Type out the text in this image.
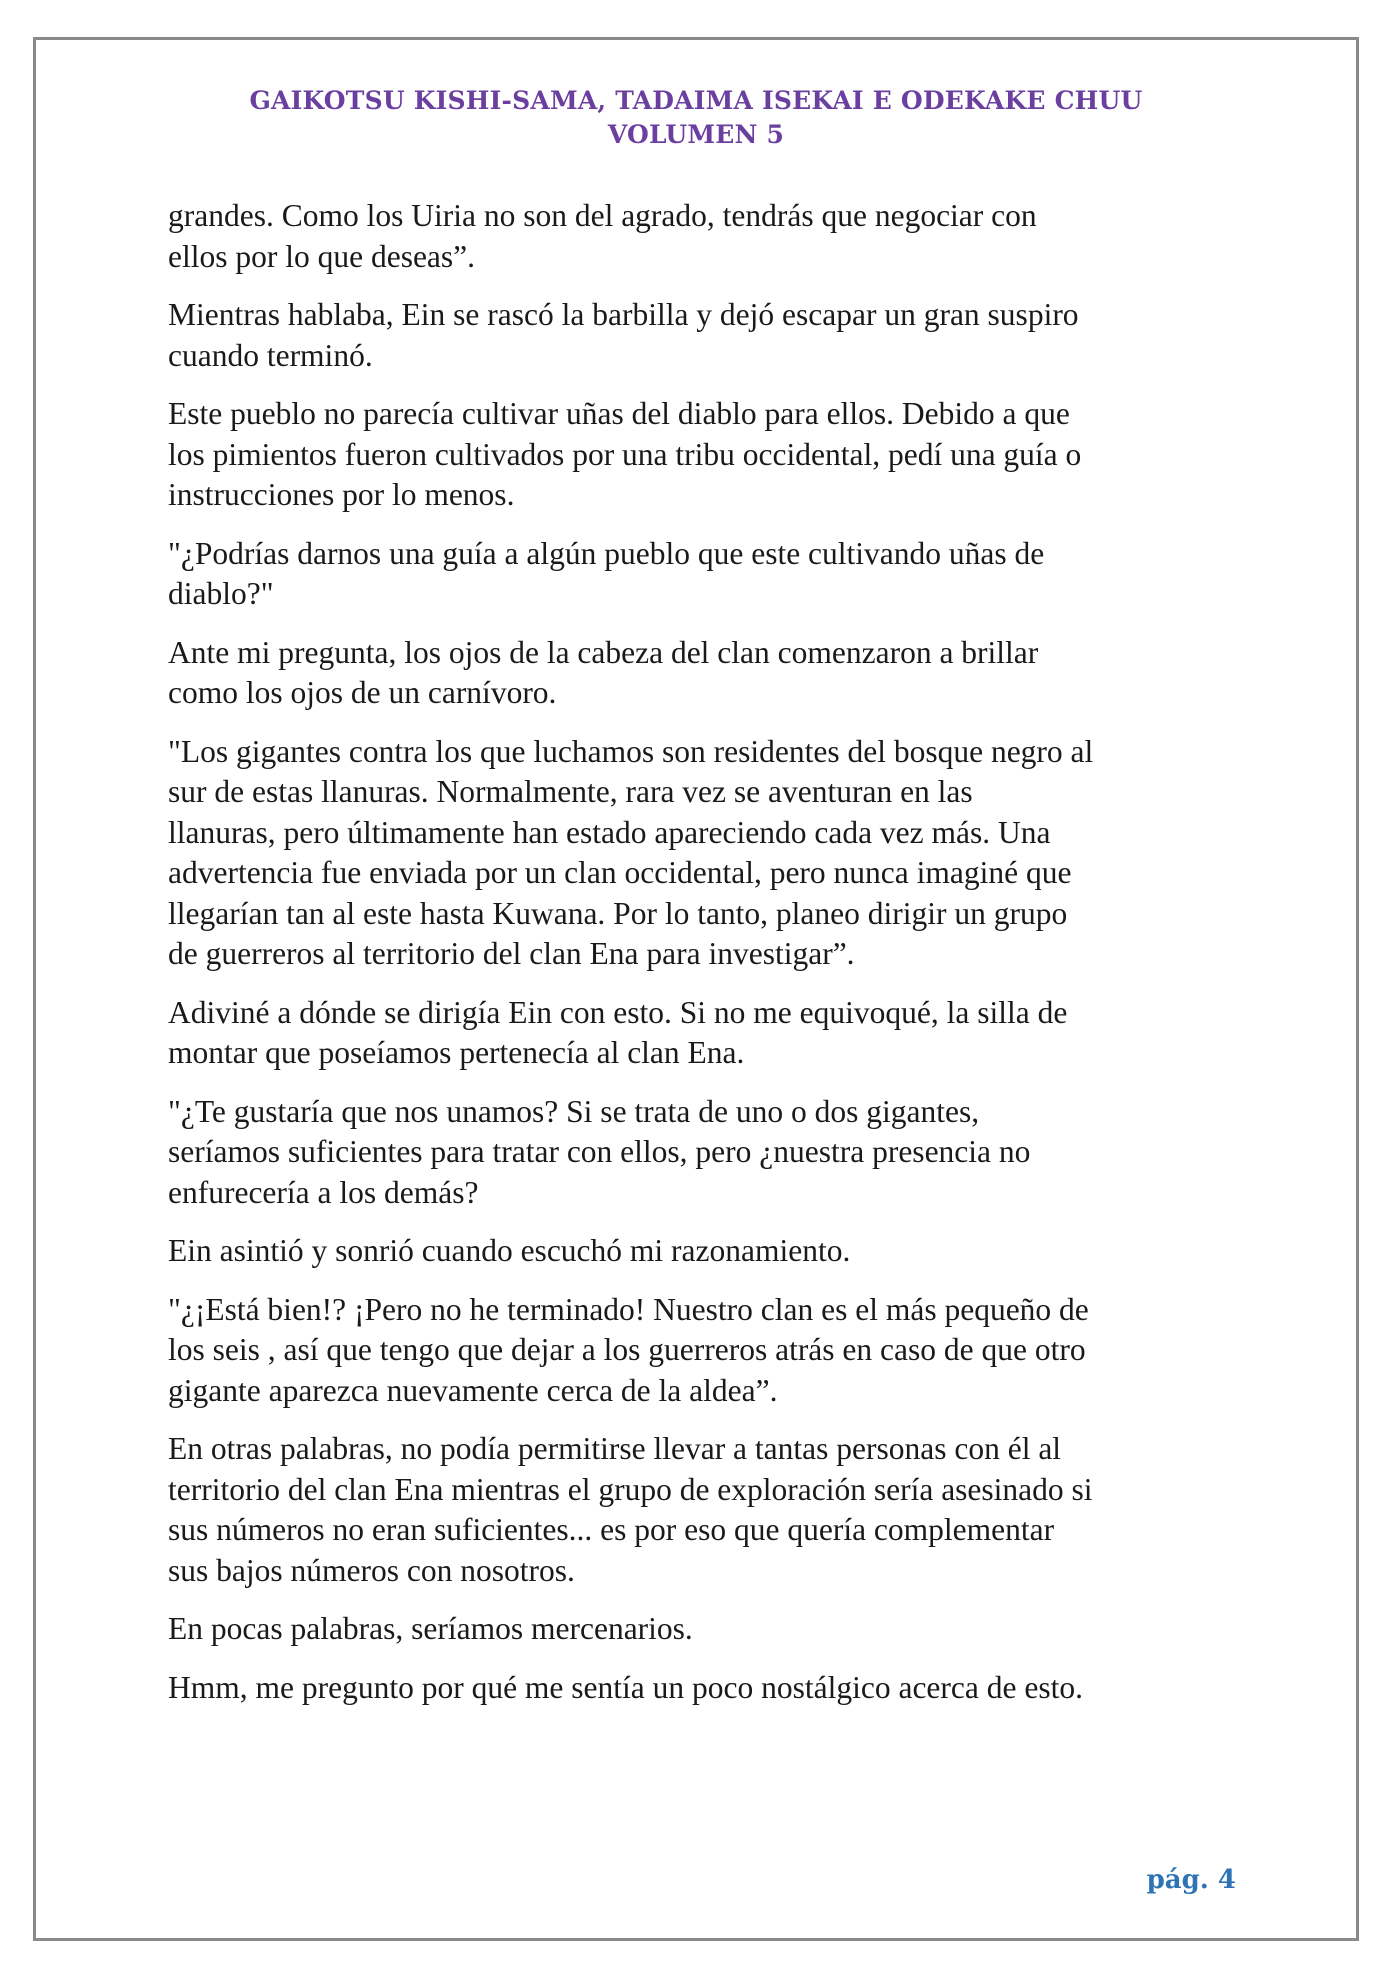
GAIKOTSU KISHI-SAMA, TADAIMA ISEKAI E ODEKAKE CHUU
VOLUMEN 5

grandes. Como los Uiria no son del agrado, tendrás que negociar con
ellos por lo que deseas”.

Mientras hablaba, Ein se rascó la barbilla y dejó escapar un gran suspiro
cuando terminó.

Este pueblo no parecía cultivar uñas del diablo para ellos. Debido a que
los pimientos fueron cultivados por una tribu occidental, pedí una guía o
instrucciones por lo menos.

"¿Podrías darnos una guía a algún pueblo que este cultivando uñas de
diablo?"

Ante mi pregunta, los ojos de la cabeza del clan comenzaron a brillar
como los ojos de un carnívoro.

"Los gigantes contra los que luchamos son residentes del bosque negro al
sur de estas llanuras. Normalmente, rara vez se aventuran en las
llanuras, pero últimamente han estado apareciendo cada vez más. Una
advertencia fue enviada por un clan occidental, pero nunca imaginé que
llegarían tan al este hasta Kuwana. Por lo tanto, planeo dirigir un grupo
de guerreros al territorio del clan Ena para investigar”.

Adiviné a dónde se dirigía Ein con esto. Si no me equivoqué, la silla de
montar que poseíamos pertenecía al clan Ena.

"¿Te gustaría que nos unamos? Si se trata de uno o dos gigantes,
seríamos suficientes para tratar con ellos, pero ¿nuestra presencia no
enfurecería a los demás?

Ein asintió y sonrió cuando escuchó mi razonamiento.

"¿¡Está bien!? ¡Pero no he terminado! Nuestro clan es el más pequeño de
los seis , así que tengo que dejar a los guerreros atrás en caso de que otro
gigante aparezca nuevamente cerca de la aldea”.

En otras palabras, no podía permitirse llevar a tantas personas con él al
territorio del clan Ena mientras el grupo de exploración sería asesinado si
sus números no eran suficientes... es por eso que quería complementar
sus bajos números con nosotros.

En pocas palabras, seríamos mercenarios.

Hmm, me pregunto por qué me sentía un poco nostálgico acerca de esto.

pág. 4
